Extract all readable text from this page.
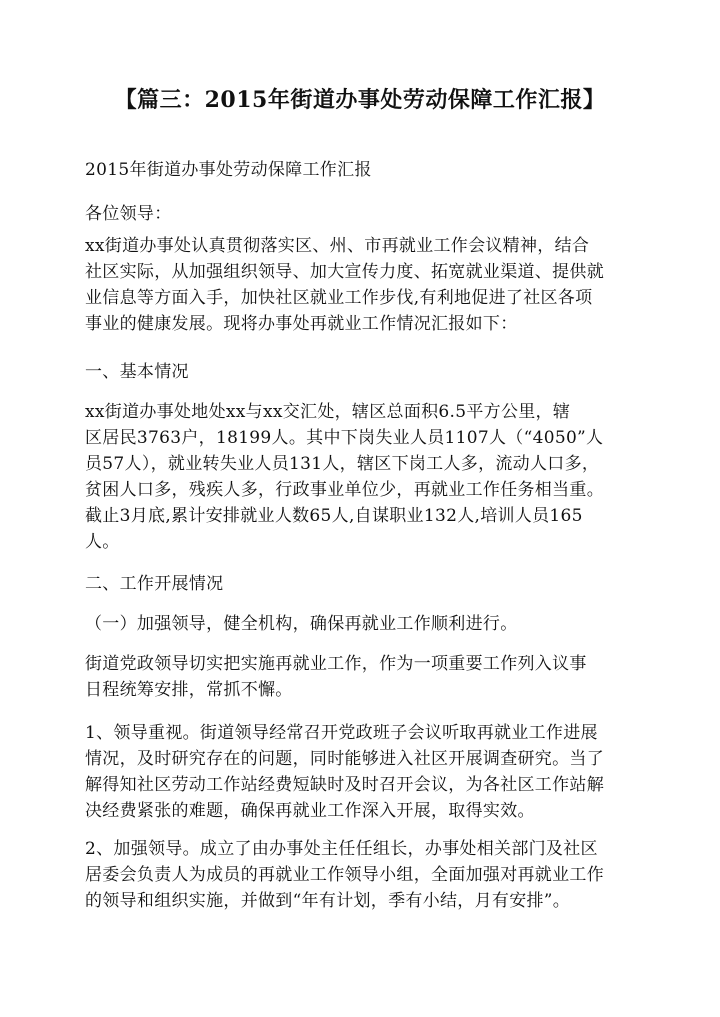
【篇三：2015年街道办事处劳动保障工作汇报】

2015年街道办事处劳动保障工作汇报

各位领导：

xx街道办事处认真贯彻落实区、州、市再就业工作会议精神，结合
社区实际，从加强组织领导、加大宣传力度、拓宽就业渠道、提供就
业信息等方面入手，加快社区就业工作步伐,有利地促进了社区各项
事业的健康发展。现将办事处再就业工作情况汇报如下：

一、基本情况

xx街道办事处地处xx与xx交汇处，辖区总面积6.5平方公里，辖
区居民3763户，18199人。其中下岗失业人员1107人（“4050”人
员57人），就业转失业人员131人，辖区下岗工人多，流动人口多，
贫困人口多，残疾人多，行政事业单位少，再就业工作任务相当重。
截止3月底,累计安排就业人数65人,自谋职业132人,培训人员165
人。

二、工作开展情况

（一）加强领导，健全机构，确保再就业工作顺利进行。

街道党政领导切实把实施再就业工作，作为一项重要工作列入议事
日程统筹安排，常抓不懈。
1、领导重视。街道领导经常召开党政班子会议听取再就业工作进展
情况，及时研究存在的问题，同时能够进入社区开展调查研究。当了
解得知社区劳动工作站经费短缺时及时召开会议，为各社区工作站解
决经费紧张的难题，确保再就业工作深入开展，取得实效。
2、加强领导。成立了由办事处主任任组长，办事处相关部门及社区
居委会负责人为成员的再就业工作领导小组，全面加强对再就业工作
的领导和组织实施，并做到“年有计划，季有小结，月有安排”。
